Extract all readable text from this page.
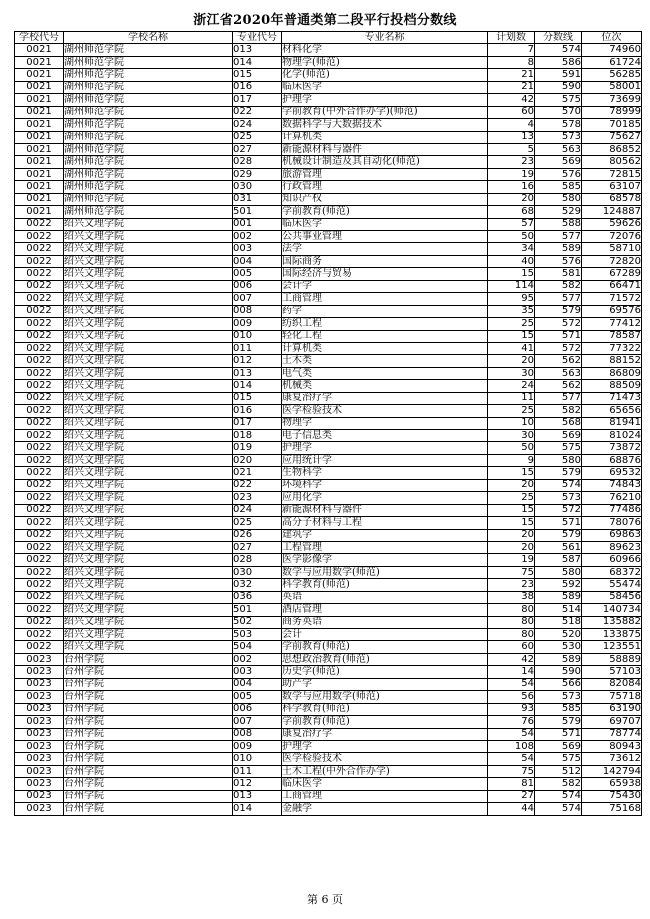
浙江省2020年普通类第二段平行投档分数线
学校代号	学校名称	专业代号	专业名称	计划数	分数线	位次
0021	湖州师范学院	013	材料化学	7	574	74960
0021	湖州师范学院	014	物理学(师范)	8	586	61724
0021	湖州师范学院	015	化学(师范)	21	591	56285
0021	湖州师范学院	016	临床医学	21	590	58001
0021	湖州师范学院	017	护理学	42	575	73699
0021	湖州师范学院	022	学前教育(中外合作办学)(师范)	60	570	78999
0021	湖州师范学院	024	数据科学与大数据技术	4	578	70185
0021	湖州师范学院	025	计算机类	13	573	75627
0021	湖州师范学院	027	新能源材料与器件	5	563	86852
0021	湖州师范学院	028	机械设计制造及其自动化(师范)	23	569	80562
0021	湖州师范学院	029	旅游管理	19	576	72815
0021	湖州师范学院	030	行政管理	16	585	63107
0021	湖州师范学院	031	知识产权	20	580	68578
0021	湖州师范学院	501	学前教育(师范)	68	529	124887
0022	绍兴文理学院	001	临床医学	57	588	59626
0022	绍兴文理学院	002	公共事业管理	50	577	72076
0022	绍兴文理学院	003	法学	34	589	58710
0022	绍兴文理学院	004	国际商务	40	576	72820
0022	绍兴文理学院	005	国际经济与贸易	15	581	67289
0022	绍兴文理学院	006	会计学	114	582	66471
0022	绍兴文理学院	007	工商管理	95	577	71572
0022	绍兴文理学院	008	药学	35	579	69576
0022	绍兴文理学院	009	纺织工程	25	572	77412
0022	绍兴文理学院	010	轻化工程	15	571	78587
0022	绍兴文理学院	011	计算机类	41	572	77322
0022	绍兴文理学院	012	土木类	20	562	88152
0022	绍兴文理学院	013	电气类	30	563	86809
0022	绍兴文理学院	014	机械类	24	562	88509
0022	绍兴文理学院	015	康复治疗学	11	577	71473
0022	绍兴文理学院	016	医学检验技术	25	582	65656
0022	绍兴文理学院	017	物理学	10	568	81941
0022	绍兴文理学院	018	电子信息类	30	569	81024
0022	绍兴文理学院	019	护理学	50	575	73872
0022	绍兴文理学院	020	应用统计学	9	580	68876
0022	绍兴文理学院	021	生物科学	15	579	69532
0022	绍兴文理学院	022	环境科学	20	574	74843
0022	绍兴文理学院	023	应用化学	25	573	76210
0022	绍兴文理学院	024	新能源材料与器件	15	572	77486
0022	绍兴文理学院	025	高分子材料与工程	15	571	78076
0022	绍兴文理学院	026	建筑学	20	579	69863
0022	绍兴文理学院	027	工程管理	20	561	89623
0022	绍兴文理学院	028	医学影像学	19	587	60966
0022	绍兴文理学院	030	数学与应用数学(师范)	75	580	68372
0022	绍兴文理学院	032	科学教育(师范)	23	592	55474
0022	绍兴文理学院	036	英语	38	589	58456
0022	绍兴文理学院	501	酒店管理	80	514	140734
0022	绍兴文理学院	502	商务英语	80	518	135882
0022	绍兴文理学院	503	会计	80	520	133875
0022	绍兴文理学院	504	学前教育(师范)	60	530	123551
0023	台州学院	002	思想政治教育(师范)	42	589	58889
0023	台州学院	003	历史学(师范)	14	590	57103
0023	台州学院	004	助产学	54	566	82084
0023	台州学院	005	数学与应用数学(师范)	56	573	75718
0023	台州学院	006	科学教育(师范)	93	585	63190
0023	台州学院	007	学前教育(师范)	76	579	69707
0023	台州学院	008	康复治疗学	54	571	78774
0023	台州学院	009	护理学	108	569	80943
0023	台州学院	010	医学检验技术	54	575	73612
0023	台州学院	011	土木工程(中外合作办学)	75	512	142794
0023	台州学院	012	临床医学	81	582	65938
0023	台州学院	013	工商管理	27	574	75430
0023	台州学院	014	金融学	44	574	75168
第 6 页
